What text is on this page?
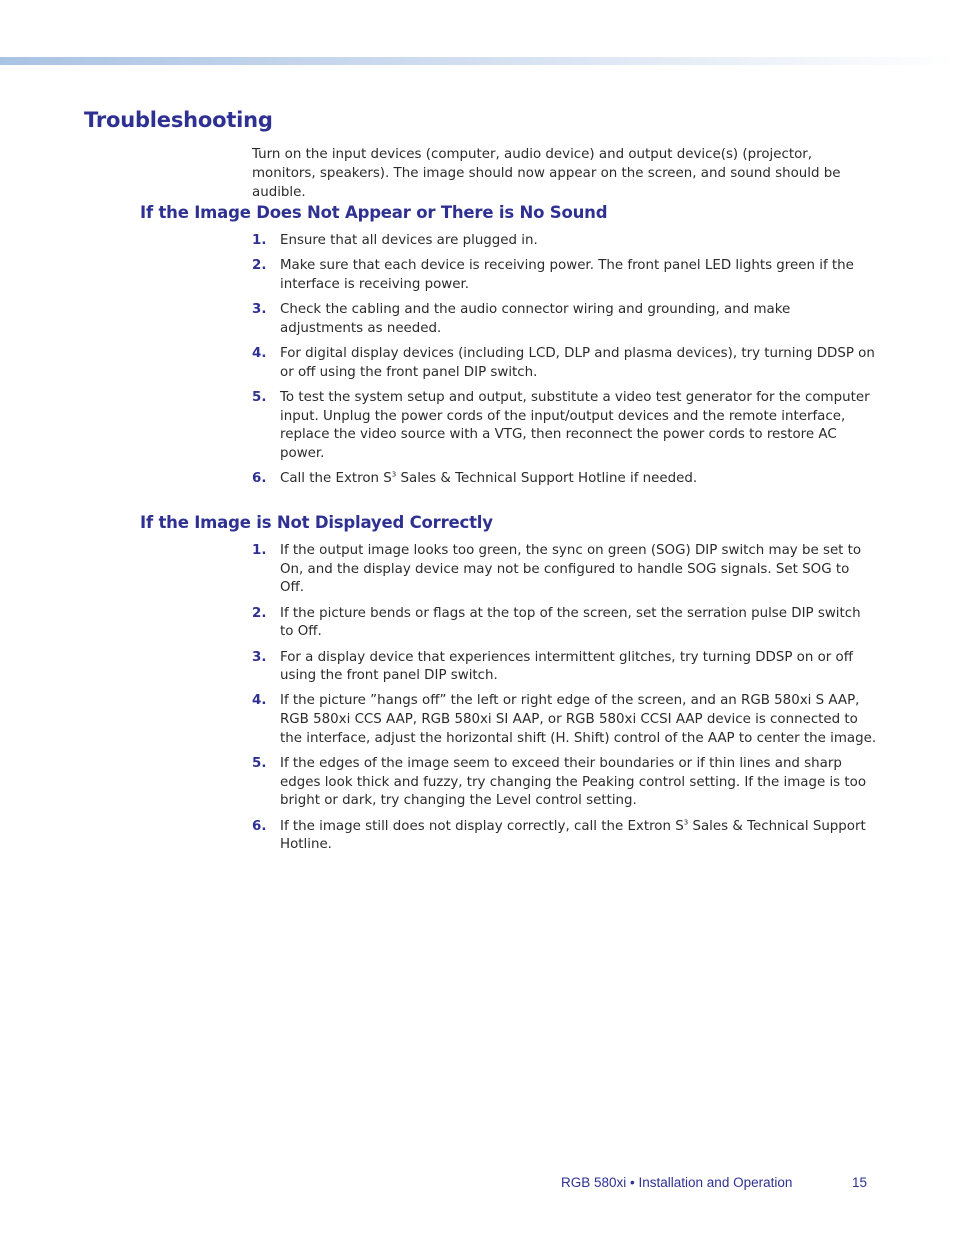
Troubleshooting

Turn on the input devices (computer, audio device) and output device(s) (projector, monitors, speakers). The image should now appear on the screen, and sound should be audible.

If the Image Does Not Appear or There is No Sound
1. Ensure that all devices are plugged in.
2. Make sure that each device is receiving power. The front panel LED lights green if the interface is receiving power.
3. Check the cabling and the audio connector wiring and grounding, and make adjustments as needed.
4. For digital display devices (including LCD, DLP and plasma devices), try turning DDSP on or off using the front panel DIP switch.
5. To test the system setup and output, substitute a video test generator for the computer input. Unplug the power cords of the input/output devices and the remote interface, replace the video source with a VTG, then reconnect the power cords to restore AC power.
6. Call the Extron $S^3$ Sales & Technical Support Hotline if needed.
If the Image is Not Displayed Correctly
1. If the output image looks too green, the sync on green (SOG) DIP switch may be set to On, and the display device may not be configured to handle SOG signals. Set SOG to Off.
2. If the picture bends or flags at the top of the screen, set the serration pulse DIP switch to Off.
3. For a display device that experiences intermittent glitches, try turning DDSP on or off using the front panel DIP switch.
4. If the picture ”hangs off” the left or right edge of the screen, and an RGB 580xi S AAP, RGB 580xi CCS AAP, RGB 580xi SI AAP, or RGB 580xi CCSI AAP device is connected to the interface, adjust the horizontal shift (H. Shift) control of the AAP to center the image.
5. If the edges of the image seem to exceed their boundaries or if thin lines and sharp edges look thick and fuzzy, try changing the Peaking control setting. If the image is too bright or dark, try changing the Level control setting.
6. If the image still does not display correctly, call the Extron $S^3$ Sales & Technical Support Hotline.

RGB 580xi • Installation and Operation	15
